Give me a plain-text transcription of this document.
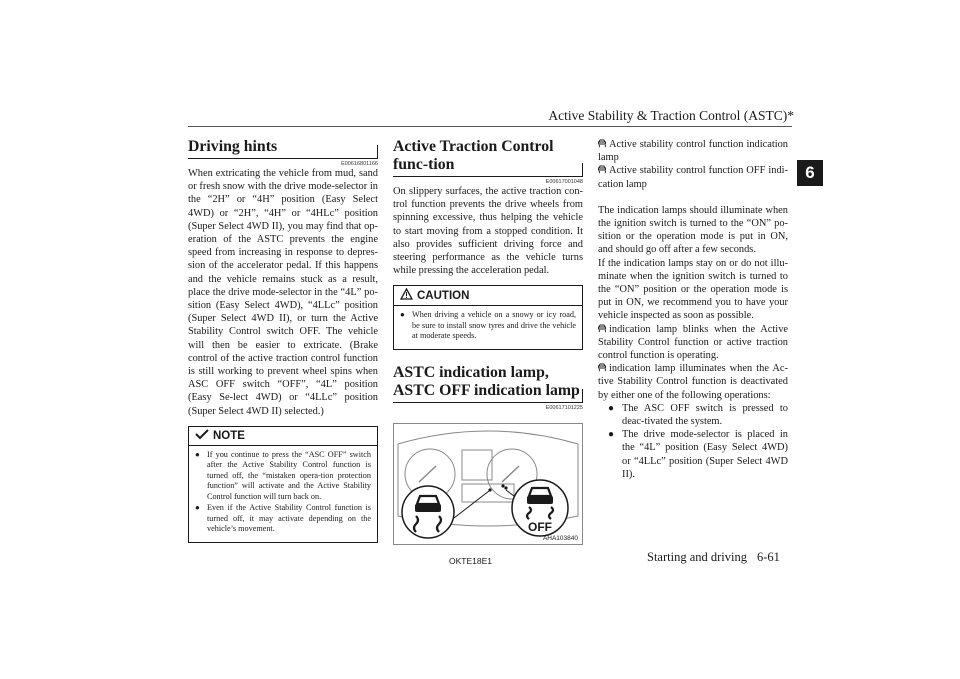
Active Stability & Traction Control (ASTC)*
6
Driving hints
E00616801166

When extricating the vehicle from mud, sand or fresh snow with the drive mode-selector in the “2H” or “4H” position (Easy Select 4WD) or “2H”, “4H” or “4HLc” position (Super Select 4WD II), you may find that op-eration of the ASTC prevents the engine speed from increasing in response to depres-sion of the accelerator pedal. If this happens and the vehicle remains stuck as a result, place the drive mode-selector in the “4L” po-sition (Easy Select 4WD), “4LLc” position (Super Select 4WD II), or turn the Active Stability Control switch OFF. The vehicle will then be easier to extricate. (Brake control of the active traction control function is still working to prevent wheel spins when ASC OFF switch “OFF”, “4L” position (Easy Se-lect 4WD) or “4LLc” position (Super Select 4WD II) selected.)

NOTE
● If you continue to press the “ASC OFF” switch after the Active Stability Control function is turned off, the “mistaken opera-tion protection function” will activate and the Active Stability Control function will turn back on.
● Even if the Active Stability Control function is turned off, it may activate depending on the vehicle’s movement.
Active Traction Control func-tion
E00617001048

On slippery surfaces, the active traction con-trol function prevents the drive wheels from spinning excessive, thus helping the vehicle to start moving from a stopped condition. It also provides sufficient driving force and steering performance as the vehicle turns while pressing the acceleration pedal.

CAUTION
● When driving a vehicle on a snowy or icy road, be sure to install snow tyres and drive the vehicle at moderate speeds.
ASTC indication lamp, ASTC OFF indication lamp
E00617101225
OFF
AHA103840

Active stability control function indication lamp

Active stability control function OFF indi-cation lamp

The indication lamps should illuminate when the ignition switch is turned to the “ON” po-sition or the operation mode is put in ON, and should go off after a few seconds.

If the indication lamps stay on or do not illu-minate when the ignition switch is turned to the “ON” position or the operation mode is put in ON, we recommend you to have your vehicle inspected as soon as possible.

indication lamp blinks when the Active Stability Control function or active traction control function is operating.

indication lamp illuminates when the Ac-tive Stability Control function is deactivated by either one of the following operations:

● The ASC OFF switch is pressed to deac-tivated the system.
● The drive mode-selector is placed in the “4L” position (Easy Select 4WD) or “4LLc” position (Super Select 4WD II).
OKTE18E1	Starting and driving 6-61
